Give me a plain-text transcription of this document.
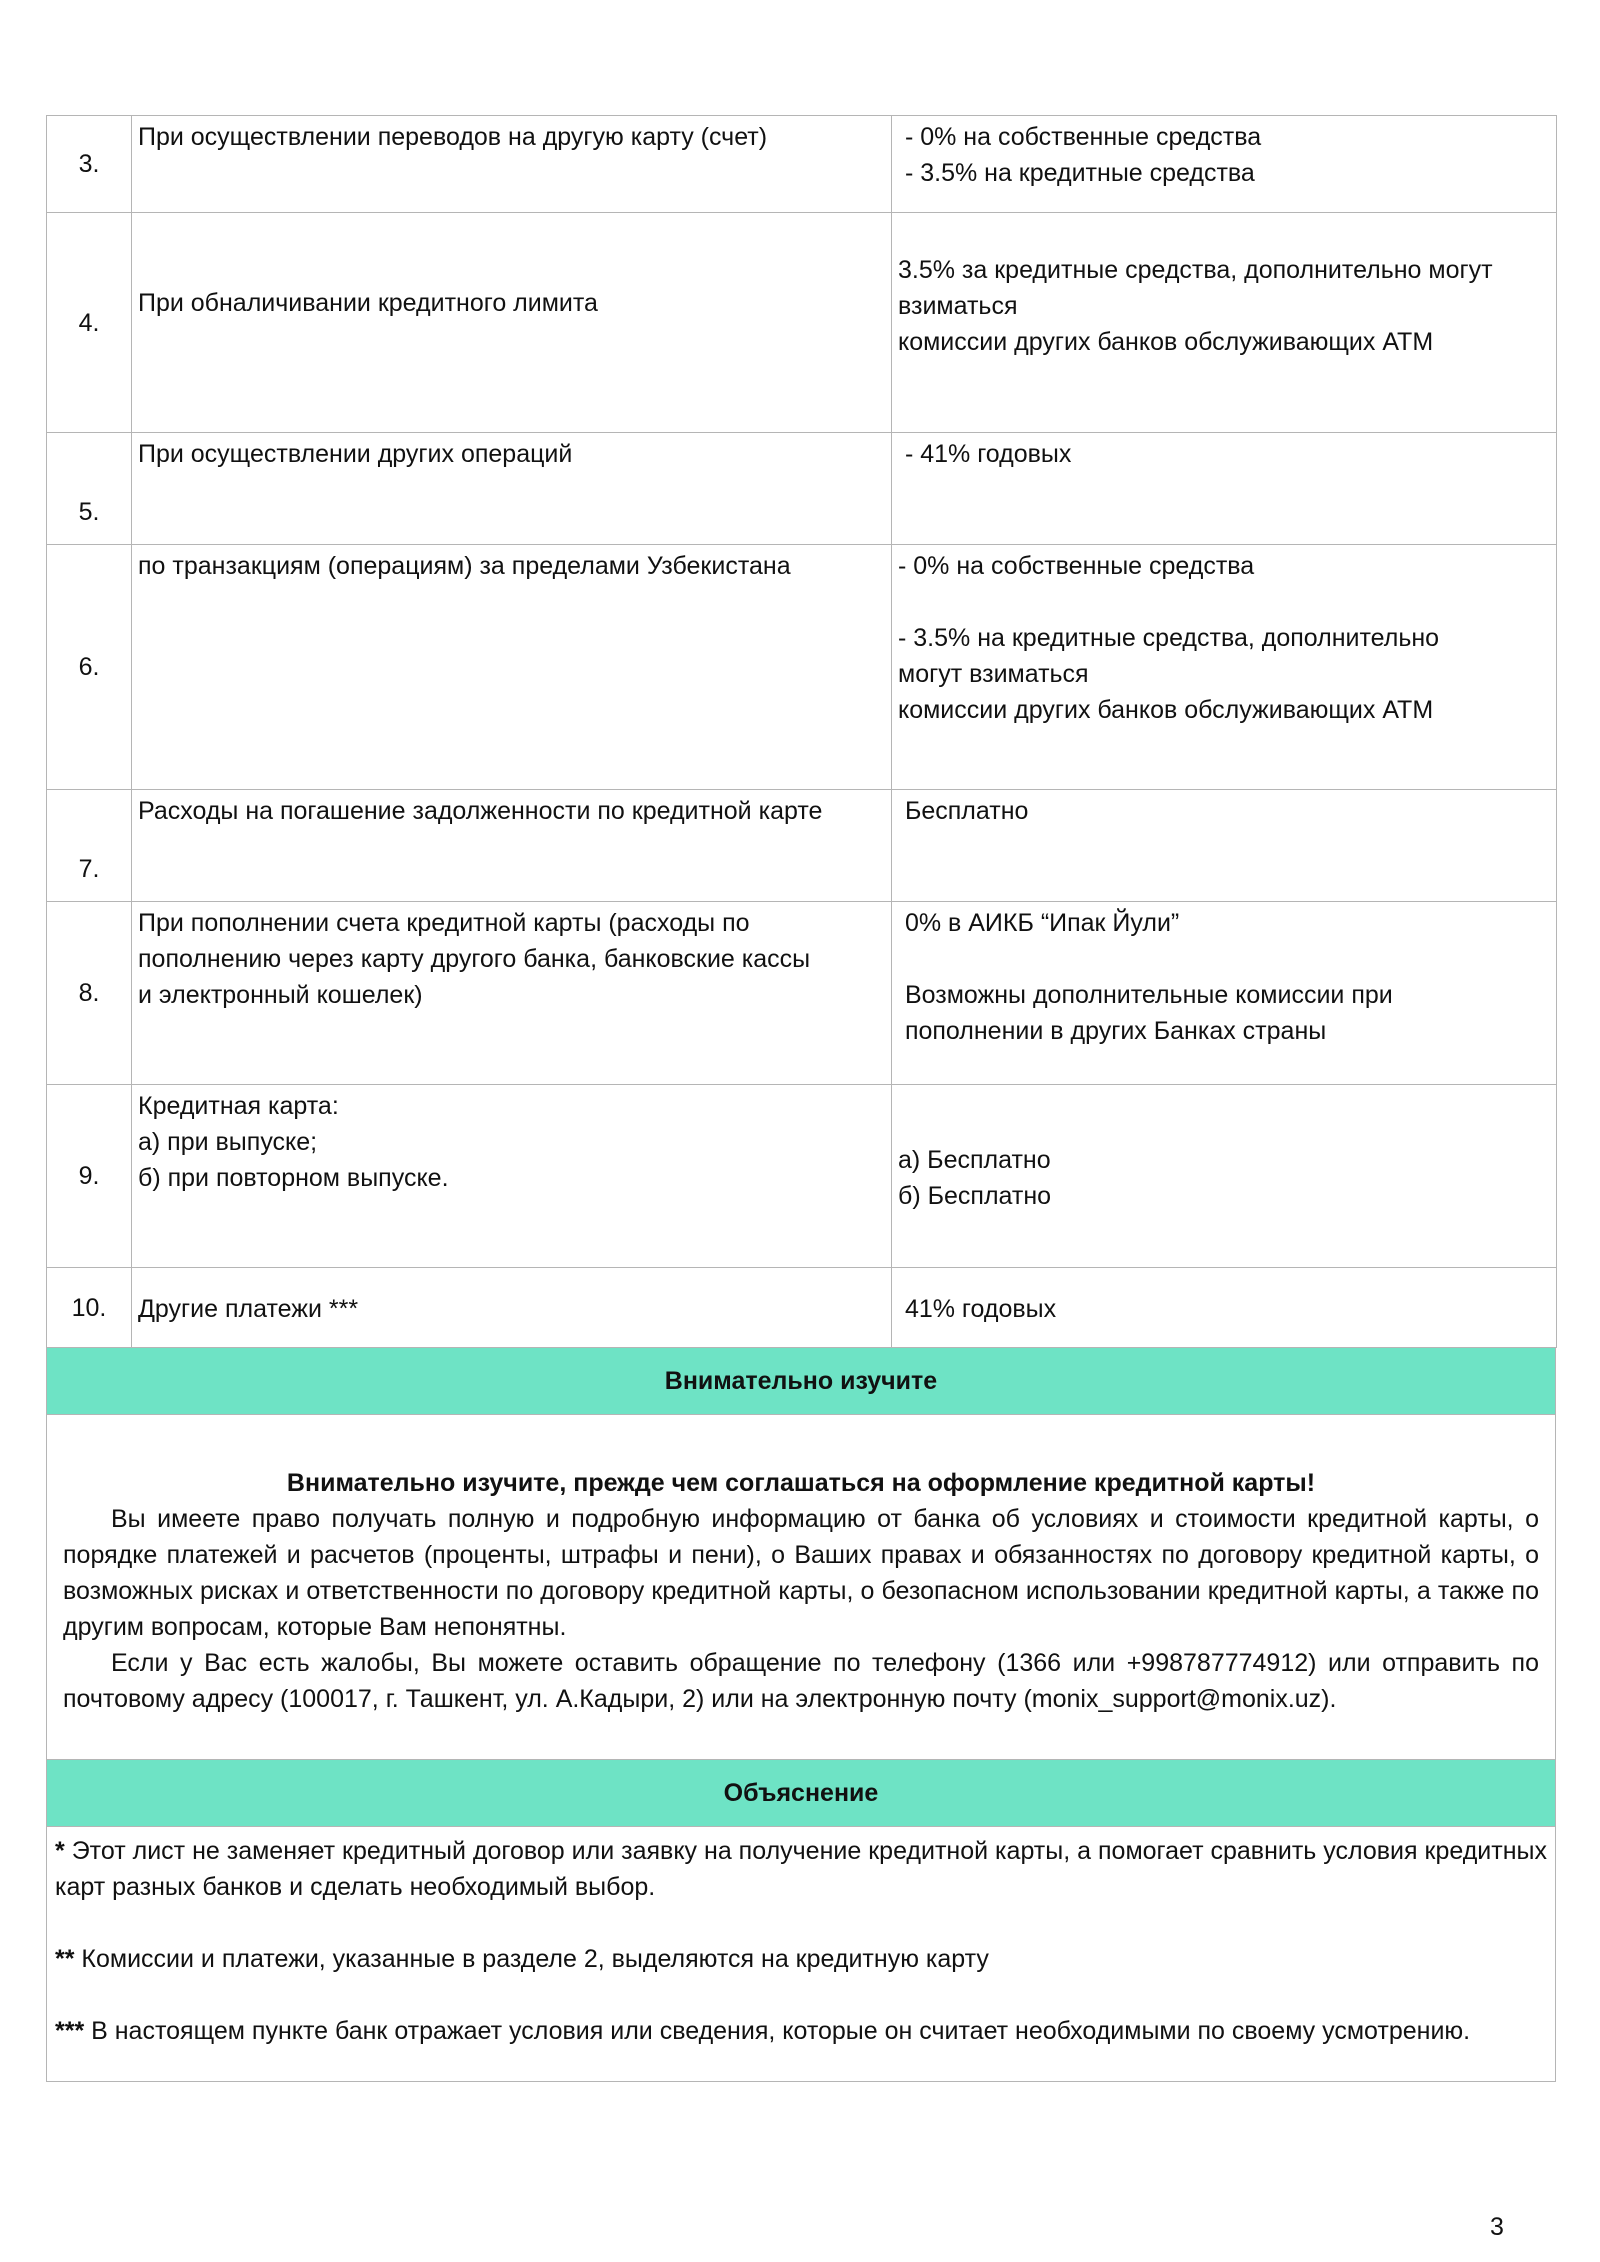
3.	При осуществлении переводов на другую карту (счет)	- 0% на собственные средства
- 3.5% на кредитные средства

4.	При обналичивании кредитного лимита	3.5% за кредитные средства, дополнительно могут
взиматься
комиссии других банков обслуживающих АТМ

5.	При осуществлении других операций	- 41% годовых

6.	по транзакциям (операциям) за пределами Узбекистана	- 0% на собственные средства
- 3.5% на кредитные средства, дополнительно
могут взиматься
комиссии других банков обслуживающих АТМ

7.	Расходы на погашение задолженности по кредитной карте	Бесплатно

8.	При пополнении счета кредитной карты (расходы по
пополнению через карту другого банка, банковские кассы
и электронный кошелек)	0% в АИКБ “Ипак Йули”
Возможны дополнительные комиссии при
пополнении в других Банках страны

9.	Кредитная карта:
а) при выпуске;
б) при повторном выпуске.	а) Бесплатно
б) Бесплатно

10.	Другие платежи ***	41% годовых
Внимательно изучите
Внимательно изучите, прежде чем соглашаться на оформление кредитной карты!

Вы имеете право получать полную и подробную информацию от банка об условиях и стоимости кредитной карты, о порядке платежей и расчетов (проценты, штрафы и пени), о Ваших правах и обязанностях по договору кредитной карты, о возможных рисках и ответственности по договору кредитной карты, о безопасном использовании кредитной карты, а также по другим вопросам, которые Вам непонятны.

Если у Вас есть жалобы, Вы можете оставить обращение по телефону (1366 или +998787774912) или отправить по почтовому адресу (100017, г. Ташкент, ул. А.Кадыри, 2) или на электронную почту (monix_support@monix.uz).

Объяснение

* Этот лист не заменяет кредитный договор или заявку на получение кредитной карты, а помогает сравнить условия кредитных карт разных банков и сделать необходимый выбор.

** Комиссии и платежи, указанные в разделе 2, выделяются на кредитную карту

*** В настоящем пункте банк отражает условия или сведения, которые он считает необходимыми по своему усмотрению.

3
